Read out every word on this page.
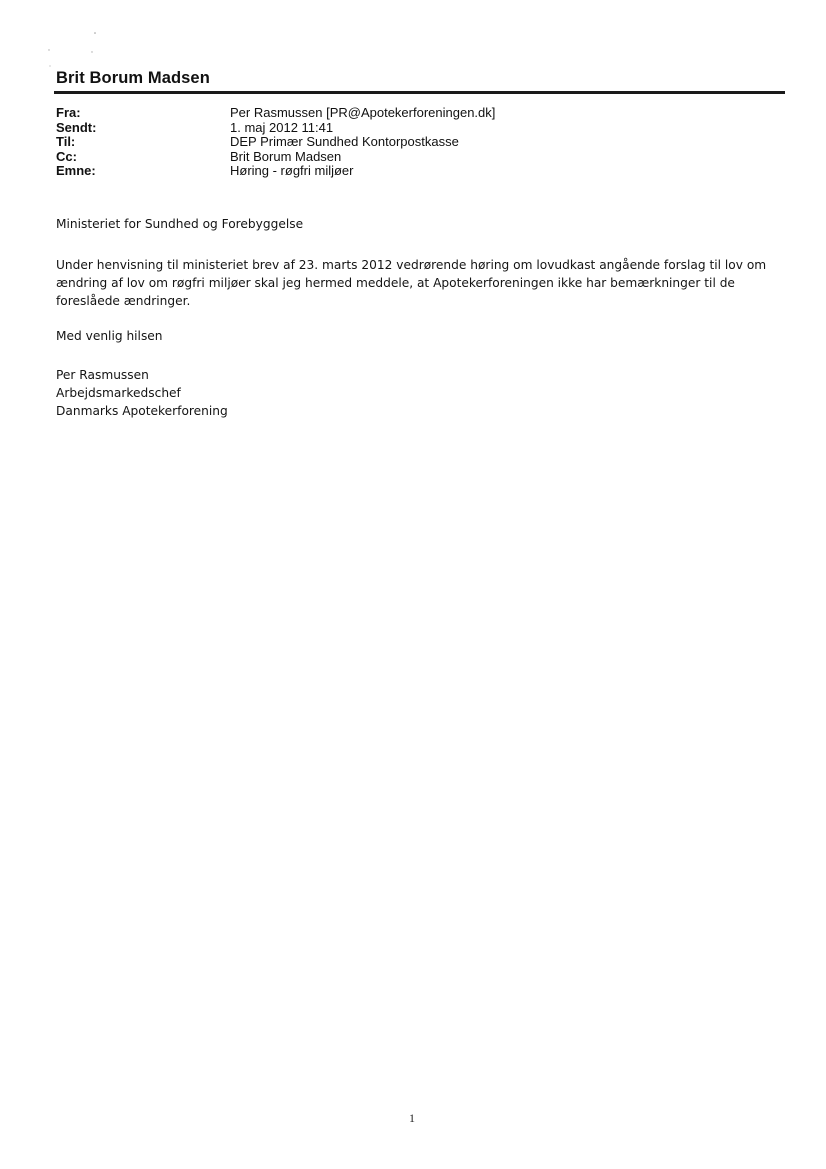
Brit Borum Madsen
Fra:	Per Rasmussen [PR@Apotekerforeningen.dk]
Sendt:	1. maj 2012 11:41
Til:	DEP Primær Sundhed Kontorpostkasse
Cc:	Brit Borum Madsen
Emne:	Høring - røgfri miljøer
Ministeriet for Sundhed og Forebyggelse
Under henvisning til ministeriet brev af 23. marts 2012 vedrørende høring om lovudkast angående forslag til lov om ændring af lov om røgfri miljøer skal jeg hermed meddele, at Apotekerforeningen ikke har bemærkninger til de foreslåede ændringer.
Med venlig hilsen
Per Rasmussen
Arbejdsmarkedschef
Danmarks Apotekerforening
1
